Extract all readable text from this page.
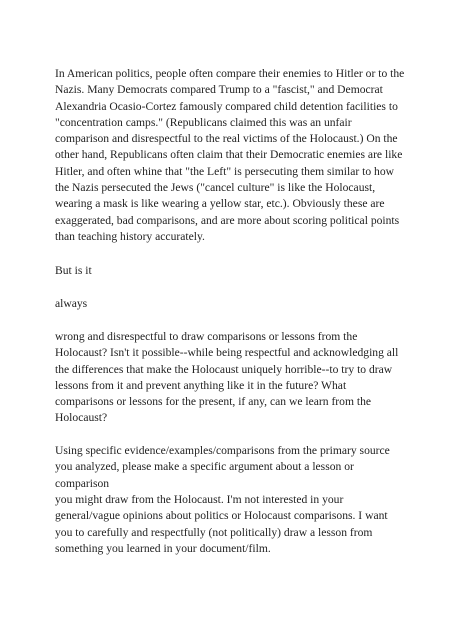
In American politics, people often compare their enemies to Hitler or to the Nazis. Many Democrats compared Trump to a "fascist," and Democrat Alexandria Ocasio-Cortez famously compared child detention facilities to "concentration camps." (Republicans claimed this was an unfair comparison and disrespectful to the real victims of the Holocaust.) On the other hand, Republicans often claim that their Democratic enemies are like Hitler, and often whine that "the Left" is persecuting them similar to how the Nazis persecuted the Jews ("cancel culture" is like the Holocaust, wearing a mask is like wearing a yellow star, etc.). Obviously these are exaggerated, bad comparisons, and are more about scoring political points than teaching history accurately.

But is it

always

wrong and disrespectful to draw comparisons or lessons from the Holocaust? Isn't it possible--while being respectful and acknowledging all the differences that make the Holocaust uniquely horrible--to try to draw lessons from it and prevent anything like it in the future? What comparisons or lessons for the present, if any, can we learn from the Holocaust?

Using specific evidence/examples/comparisons from the primary source you analyzed, please make a specific argument about a lesson or comparison

you might draw from the Holocaust. I'm not interested in your general/vague opinions about politics or Holocaust comparisons. I want you to carefully and respectfully (not politically) draw a lesson from something you learned in your document/film.
